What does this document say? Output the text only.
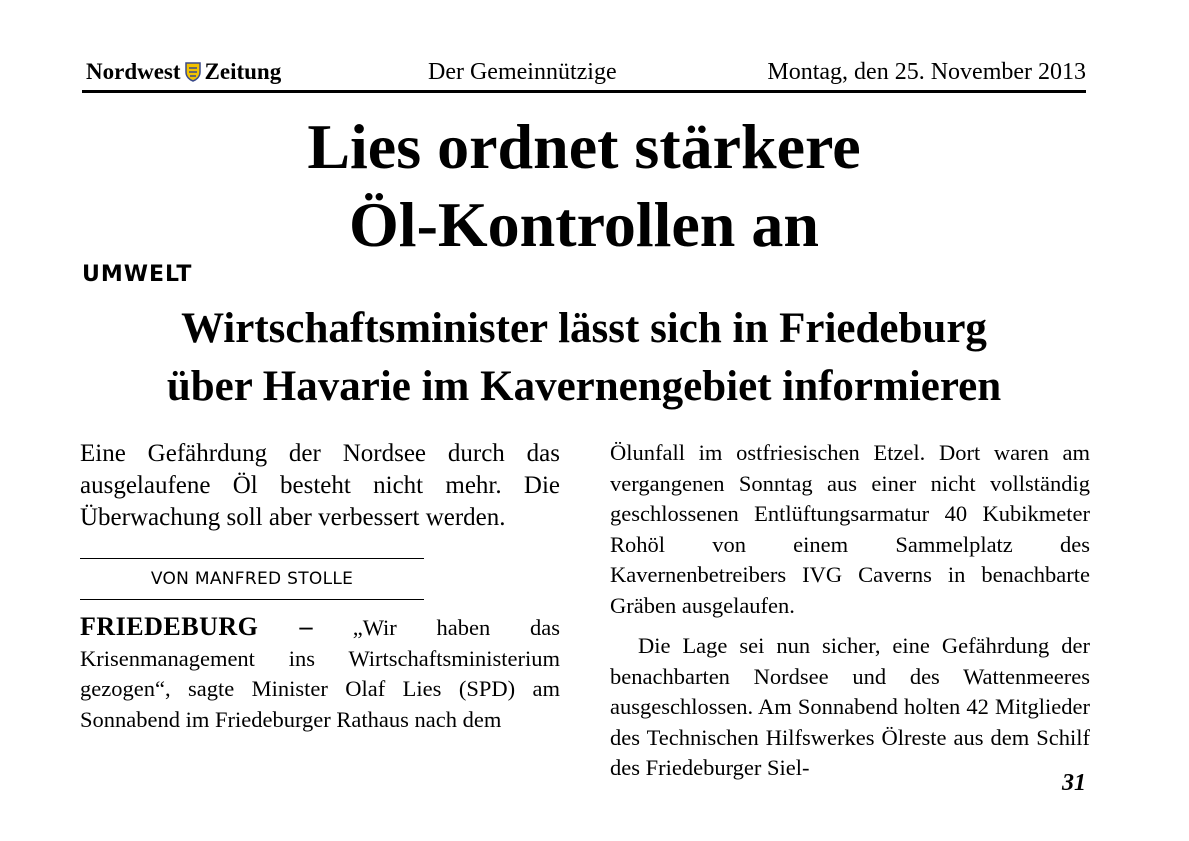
Nordwest Zeitung	Der Gemeinnützige	Montag, den 25. November 2013
Lies ordnet stärkere
Öl-Kontrollen an
UMWELT
Wirtschaftsminister lässt sich in Friedeburg
über Havarie im Kavernengebiet informieren

Eine Gefährdung der Nordsee durch das ausgelaufene Öl besteht nicht mehr. Die Überwachung soll aber verbessert werden.

VON MANFRED STOLLE

FRIEDEBURG – „Wir haben das Krisenmanagement ins Wirtschaftsministerium gezogen“, sagte Minister Olaf Lies (SPD) am Sonnabend im Friedeburger Rathaus nach dem

Ölunfall im ostfriesischen Etzel. Dort waren am vergangenen Sonntag aus einer nicht vollständig geschlossenen Entlüftungsarmatur 40 Kubikmeter Rohöl von einem Sammelplatz des Kavernenbetreibers IVG Caverns in benachbarte Gräben ausgelaufen.

Die Lage sei nun sicher, eine Gefährdung der benachbarten Nordsee und des Wattenmeeres ausgeschlossen. Am Sonnabend holten 42 Mitglieder des Technischen Hilfswerkes Ölreste aus dem Schilf des Friedeburger Siel-

31
